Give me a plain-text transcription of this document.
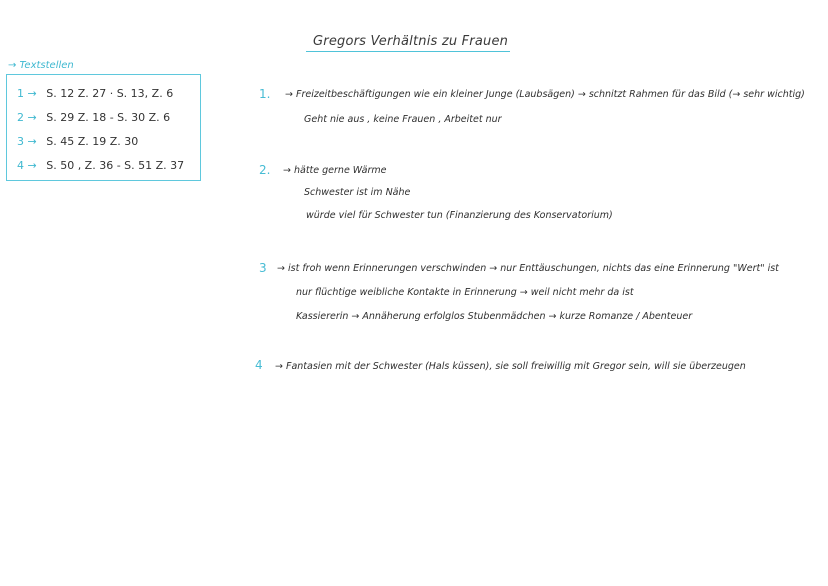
Gregors Verhältnis zu Frauen
→ Textstellen
1 → S. 12 Z. 27 · S. 13, Z. 6
2 → S. 29 Z. 18 - S. 30 Z. 6
3 → S. 45 Z. 19 Z. 30
4 → S. 50 , Z. 36 - S. 51 Z. 37
1. → Freizeitbeschäftigungen wie ein kleiner Junge (Laubsägen) → schnitzt Rahmen für das Bild (→ sehr wichtig)
Geht nie aus , keine Frauen , Arbeitet nur
2. → hätte gerne Wärme
Schwester ist im Nähe
würde viel für Schwester tun (Finanzierung des Konservatorium)
3 → ist froh wenn Erinnerungen verschwinden → nur Enttäuschungen, nichts das eine Erinnerung "Wert" ist
nur flüchtige weibliche Kontakte in Erinnerung → weil nicht mehr da ist
Kassiererin → Annäherung erfolglos Stubenmädchen → kurze Romanze / Abenteuer
4 → Fantasien mit der Schwester (Hals küssen), sie soll freiwillig mit Gregor sein, will sie überzeugen
